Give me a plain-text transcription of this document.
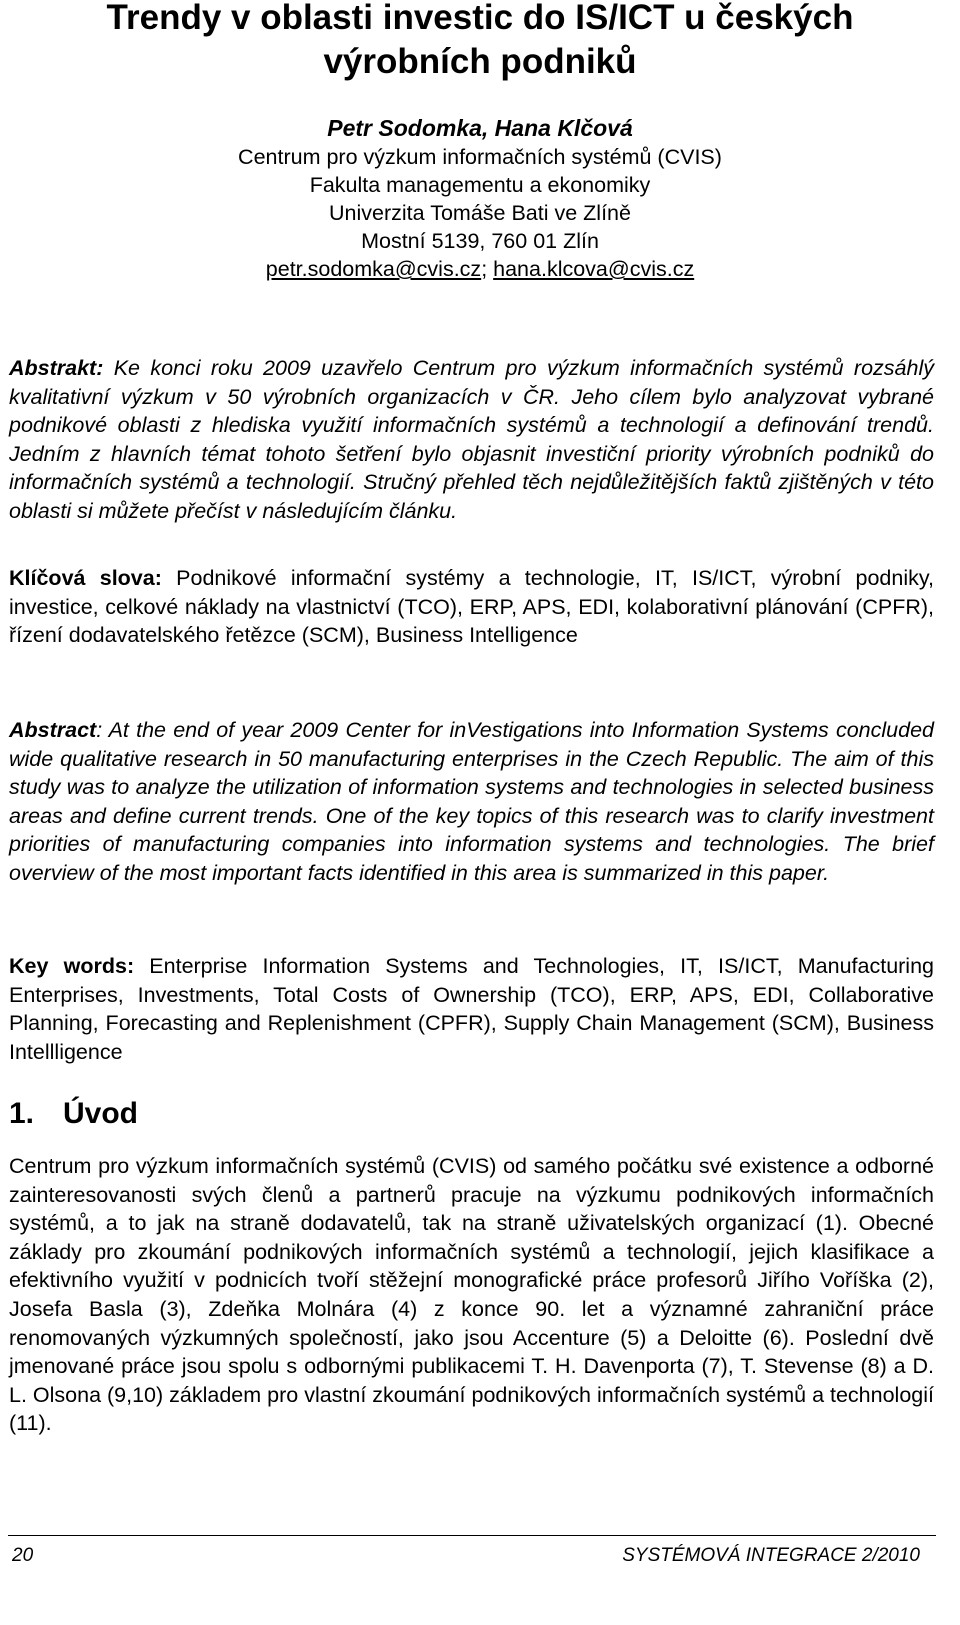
Trendy v oblasti investic do IS/ICT u českých
výrobních podniků

Petr Sodomka, Hana Klčová

Centrum pro výzkum informačních systémů (CVIS)

Fakulta managementu a ekonomiky

Univerzita Tomáše Bati ve Zlíně

Mostní 5139, 760 01 Zlín

petr.sodomka@cvis.cz; hana.klcova@cvis.cz

Abstrakt: Ke konci roku 2009 uzavřelo Centrum pro výzkum informačních systémů rozsáhlý kvalitativní výzkum v 50 výrobních organizacích v ČR. Jeho cílem bylo analyzovat vybrané podnikové oblasti z hlediska využití informačních systémů a technologií a definování trendů. Jedním z hlavních témat tohoto šetření bylo objasnit investiční priority výrobních podniků do informačních systémů a technologií. Stručný přehled těch nejdůležitějších faktů zjištěných v této oblasti si můžete přečíst v následujícím článku.

Klíčová slova: Podnikové informační systémy a technologie, IT, IS/ICT, výrobní podniky, investice, celkové náklady na vlastnictví (TCO), ERP, APS, EDI, kolaborativní plánování (CPFR), řízení dodavatelského řetězce (SCM), Business Intelligence

Abstract: At the end of year 2009 Center for inVestigations into Information Systems concluded wide qualitative research in 50 manufacturing enterprises in the Czech Republic. The aim of this study was to analyze the utilization of information systems and technologies in selected business areas and define current trends. One of the key topics of this research was to clarify investment priorities of manufacturing companies into information systems and technologies. The brief overview of the most important facts identified in this area is summarized in this paper.

Key words: Enterprise Information Systems and Technologies, IT, IS/ICT, Manufacturing Enterprises, Investments, Total Costs of Ownership (TCO), ERP, APS, EDI, Collaborative Planning, Forecasting and Replenishment (CPFR), Supply Chain Management (SCM), Business Intellligence

1. Úvod

Centrum pro výzkum informačních systémů (CVIS) od samého počátku své existence a odborné zainteresovanosti svých členů a partnerů pracuje na výzkumu podnikových informačních systémů, a to jak na straně dodavatelů, tak na straně uživatelských organizací (1). Obecné základy pro zkoumání podnikových informačních systémů a technologií, jejich klasifikace a efektivního využití v podnicích tvoří stěžejní monografické práce profesorů Jiřího Voříška (2), Josefa Basla (3), Zdeňka Molnára (4) z konce 90. let a významné zahraniční práce renomovaných výzkumných společností, jako jsou Accenture (5) a Deloitte (6). Poslední dvě jmenované práce jsou spolu s odbornými publikacemi T. H. Davenporta (7), T. Stevense (8) a D. L. Olsona (9,10) základem pro vlastní zkoumání podnikových informačních systémů a technologií (11).

20	SYSTÉMOVÁ INTEGRACE 2/2010
